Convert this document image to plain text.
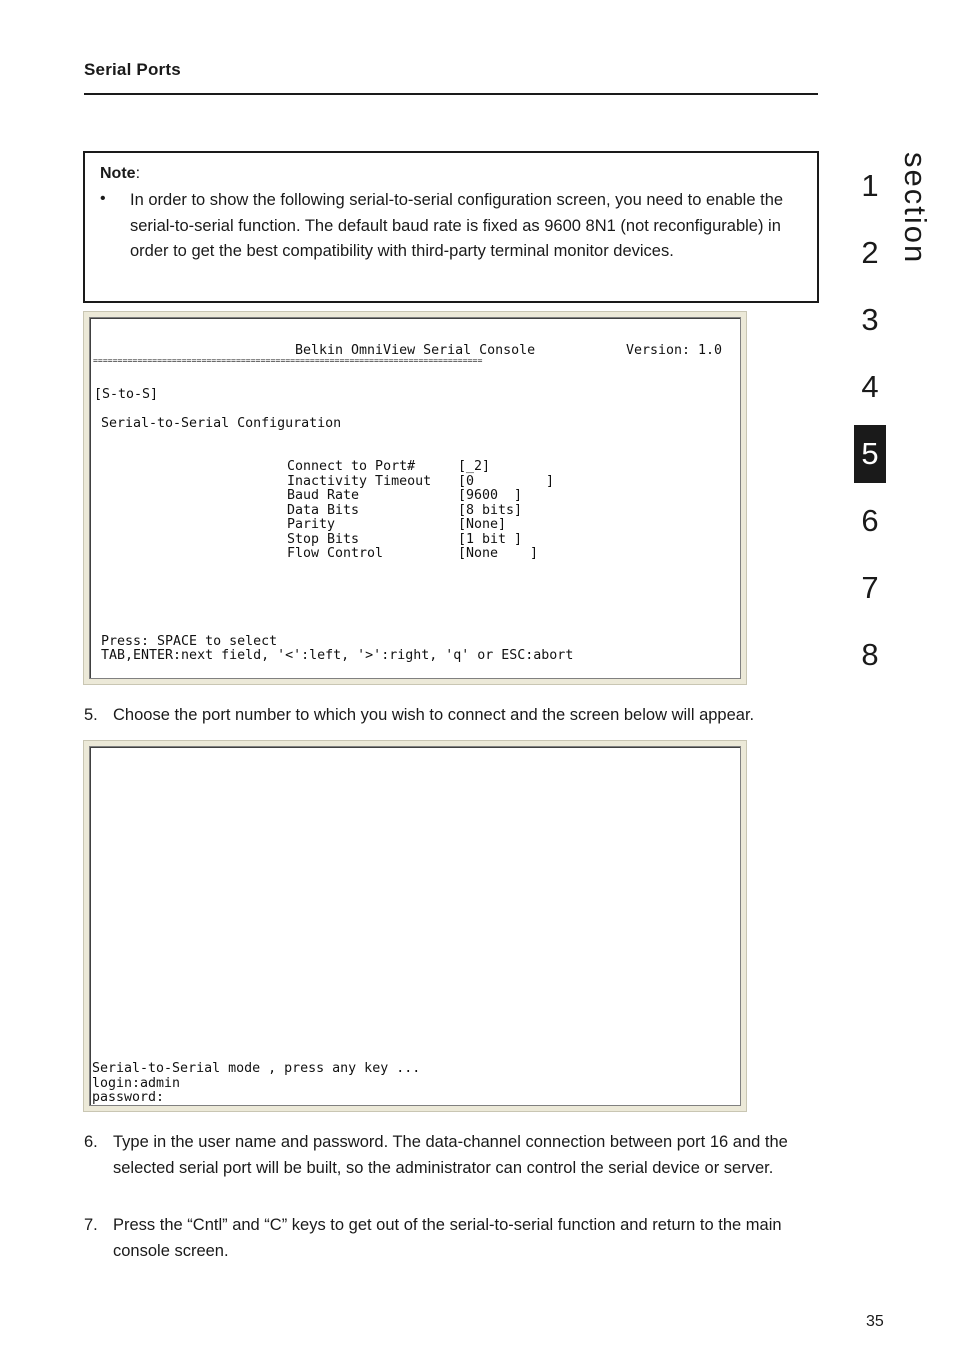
Serial Ports
Note:
• In order to show the following serial-to-serial configuration screen, you need to enable the serial-to-serial function. The default baud rate is fixed as 9600 8N1 (not reconfigurable) in order to get the best compatibility with third-party terminal monitor devices.
Belkin OmniView Serial Console	Version: 1.0
===============================================================================
[S-to-S]
Serial-to-Serial Configuration
Connect to Port#	[_2]
Inactivity Timeout [0         ]
Baud Rate	[9600  ]
Data Bits	[8 bits]
Parity	[None]
Stop Bits	[1 bit ]
Flow Control	[None    ]
Press: SPACE to select
TAB,ENTER:next field, '<':left, '>':right, 'q' or ESC:abort
5. Choose the port number to which you wish to connect and the screen below will appear.
Serial-to-Serial mode , press any key ...
login:admin
password:
6. Type in the user name and password. The data-channel connection between port 16 and the selected serial port will be built, so the administrator can control the serial device or server.
7. Press the “Cntl” and “C” keys to get out of the serial-to-serial function and return to the main console screen.
section
1
2
3
4
5
6
7
8
35
